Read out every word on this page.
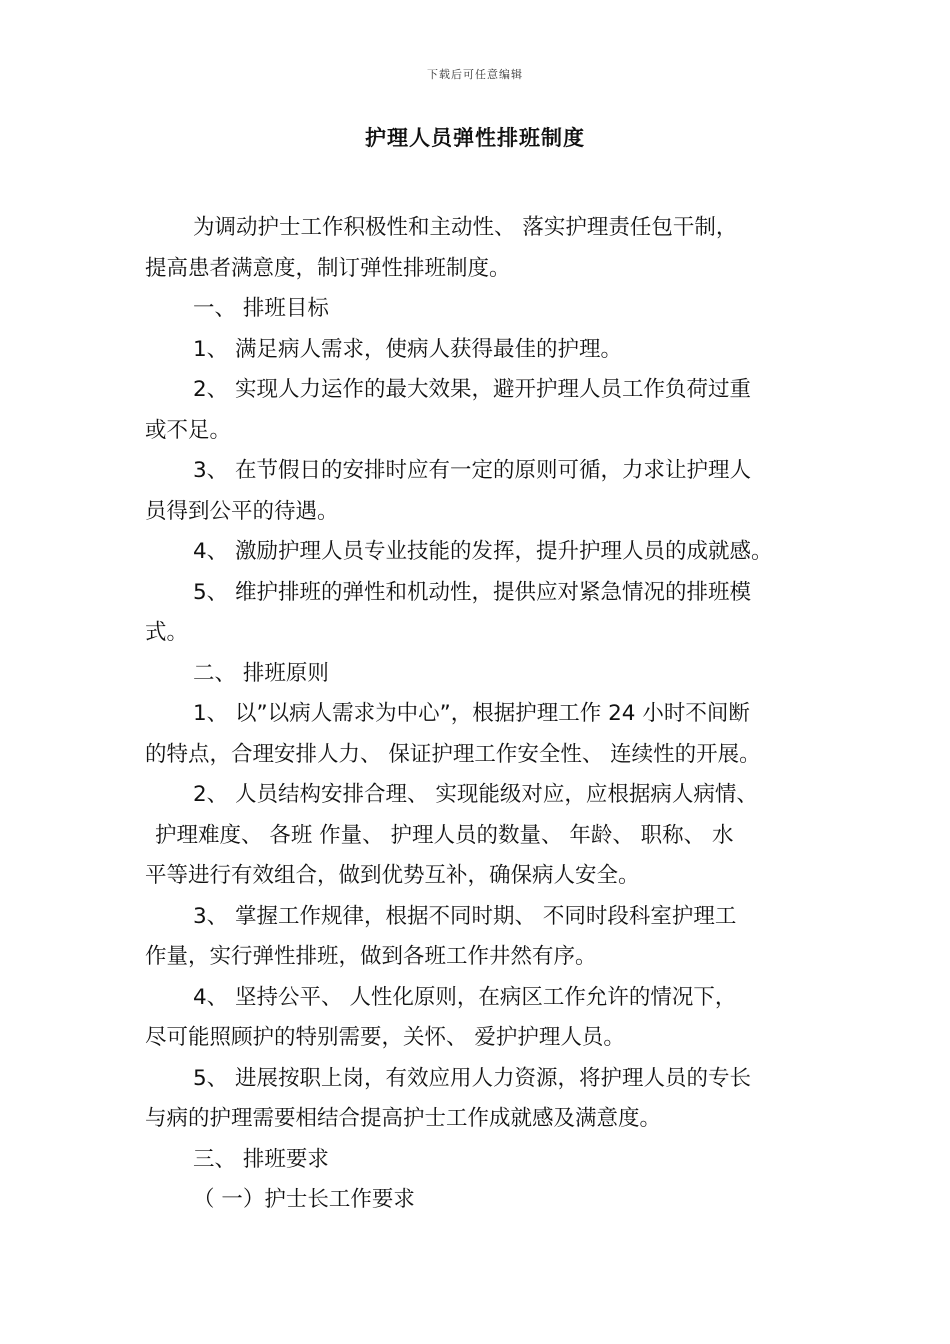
下载后可任意编辑
护理人员弹性排班制度
为调动护士工作积极性和主动性、 落实护理责任包干制，
提高患者满意度，制订弹性排班制度。
一、 排班目标
1、 满足病人需求，使病人获得最佳的护理。
2、 实现人力运作的最大效果，避开护理人员工作负荷过重
或不足。
3、 在节假日的安排时应有一定的原则可循，力求让护理人
员得到公平的待遇。
4、 激励护理人员专业技能的发挥，提升护理人员的成就感。
5、 维护排班的弹性和机动性，提供应对紧急情况的排班模
式。
二、 排班原则
1、 以”以病人需求为中心”，根据护理工作 24 小时不间断
的特点，合理安排人力、 保证护理工作安全性、 连续性的开展。
2、 人员结构安排合理、 实现能级对应，应根据病人病情、
护理难度、 各班 作量、 护理人员的数量、 年龄、 职称、 水
平等进行有效组合，做到优势互补，确保病人安全。
3、 掌握工作规律，根据不同时期、 不同时段科室护理工
作量，实行弹性排班，做到各班工作井然有序。
4、 坚持公平、 人性化原则，在病区工作允许的情况下，
尽可能照顾护的特别需要，关怀、 爱护护理人员。
5、 进展按职上岗，有效应用人力资源，将护理人员的专长
与病的护理需要相结合提高护士工作成就感及满意度。
三、 排班要求
（ 一）护士长工作要求
